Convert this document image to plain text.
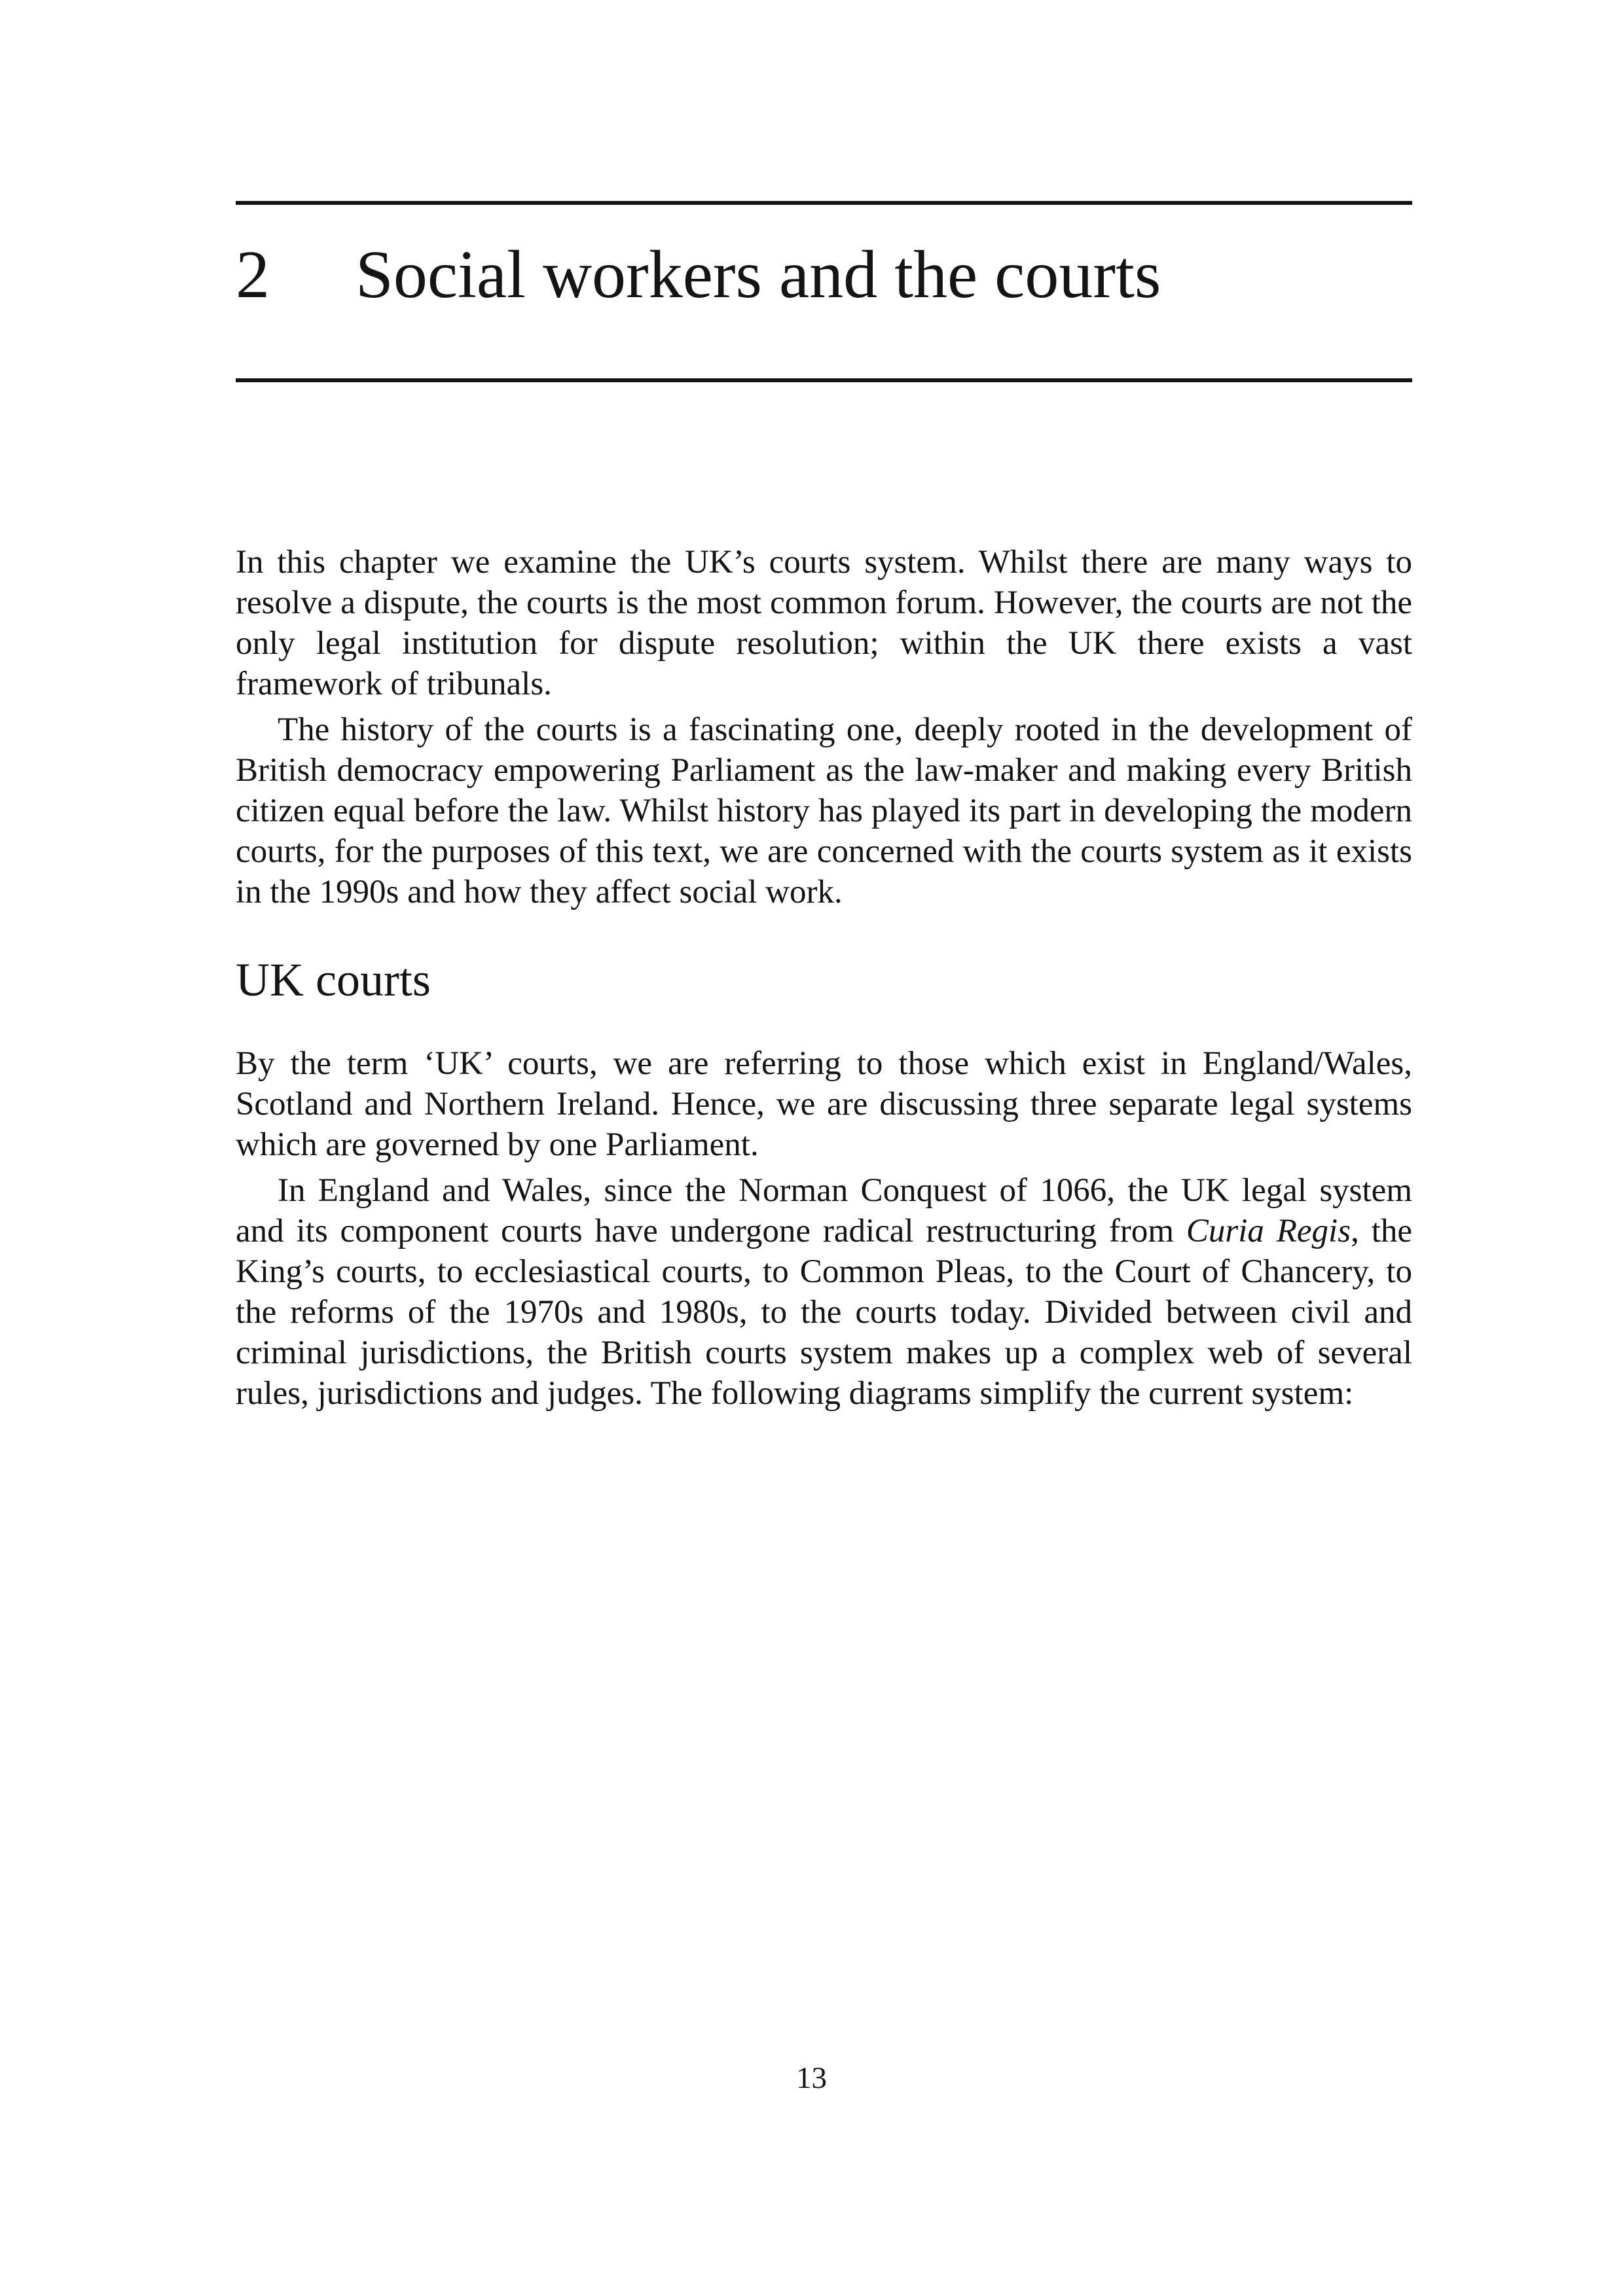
2 Social workers and the courts

In this chapter we examine the UK’s courts system. Whilst there are many ways to resolve a dispute, the courts is the most common forum. However, the courts are not the only legal institution for dispute resolution; within the UK there exists a vast framework of tribunals.

The history of the courts is a fascinating one, deeply rooted in the development of British democracy empowering Parliament as the law-maker and making every British citizen equal before the law. Whilst history has played its part in developing the modern courts, for the purposes of this text, we are concerned with the courts system as it exists in the 1990s and how they affect social work.

UK courts

By the term ‘UK’ courts, we are referring to those which exist in England/Wales, Scotland and Northern Ireland. Hence, we are discussing three separate legal systems which are governed by one Parliament.

In England and Wales, since the Norman Conquest of 1066, the UK legal system and its component courts have undergone radical restructuring from Curia Regis, the King’s courts, to ecclesiastical courts, to Common Pleas, to the Court of Chancery, to the reforms of the 1970s and 1980s, to the courts today. Divided between civil and criminal jurisdictions, the British courts system makes up a complex web of several rules, jurisdictions and judges. The following diagrams simplify the current system:

13
